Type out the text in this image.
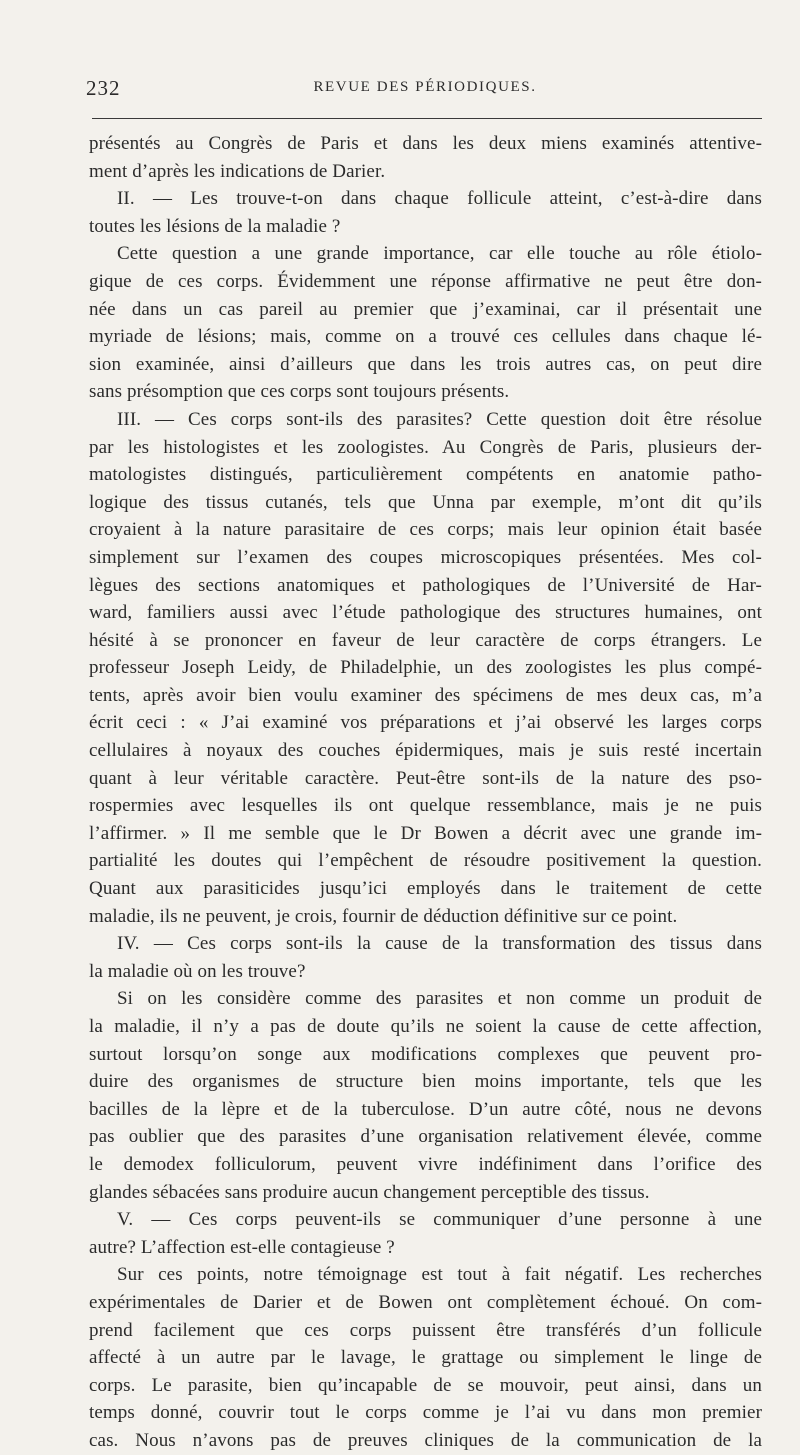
232	REVUE DES PÉRIODIQUES.
présentés au Congrès de Paris et dans les deux miens examinés attentive-
ment d’après les indications de Darier.
II. — Les trouve-t-on dans chaque follicule atteint, c’est-à-dire dans
toutes les lésions de la maladie ?
Cette question a une grande importance, car elle touche au rôle étiolo-
gique de ces corps. Évidemment une réponse affirmative ne peut être don-
née dans un cas pareil au premier que j’examinai, car il présentait une
myriade de lésions; mais, comme on a trouvé ces cellules dans chaque lé-
sion examinée, ainsi d’ailleurs que dans les trois autres cas, on peut dire
sans présomption que ces corps sont toujours présents.
III. — Ces corps sont-ils des parasites? Cette question doit être résolue
par les histologistes et les zoologistes. Au Congrès de Paris, plusieurs der-
matologistes distingués, particulièrement compétents en anatomie patho-
logique des tissus cutanés, tels que Unna par exemple, m’ont dit qu’ils
croyaient à la nature parasitaire de ces corps; mais leur opinion était basée
simplement sur l’examen des coupes microscopiques présentées. Mes col-
lègues des sections anatomiques et pathologiques de l’Université de Har-
ward, familiers aussi avec l’étude pathologique des structures humaines, ont
hésité à se prononcer en faveur de leur caractère de corps étrangers. Le
professeur Joseph Leidy, de Philadelphie, un des zoologistes les plus compé-
tents, après avoir bien voulu examiner des spécimens de mes deux cas, m’a
écrit ceci : « J’ai examiné vos préparations et j’ai observé les larges corps
cellulaires à noyaux des couches épidermiques, mais je suis resté incertain
quant à leur véritable caractère. Peut-être sont-ils de la nature des pso-
rospermies avec lesquelles ils ont quelque ressemblance, mais je ne puis
l’affirmer. » Il me semble que le Dr Bowen a décrit avec une grande im-
partialité les doutes qui l’empêchent de résoudre positivement la question.
Quant aux parasiticides jusqu’ici employés dans le traitement de cette
maladie, ils ne peuvent, je crois, fournir de déduction définitive sur ce point.
IV. — Ces corps sont-ils la cause de la transformation des tissus dans
la maladie où on les trouve?
Si on les considère comme des parasites et non comme un produit de
la maladie, il n’y a pas de doute qu’ils ne soient la cause de cette affection,
surtout lorsqu’on songe aux modifications complexes que peuvent pro-
duire des organismes de structure bien moins importante, tels que les
bacilles de la lèpre et de la tuberculose. D’un autre côté, nous ne devons
pas oublier que des parasites d’une organisation relativement élevée, comme
le demodex folliculorum, peuvent vivre indéfiniment dans l’orifice des
glandes sébacées sans produire aucun changement perceptible des tissus.
V. — Ces corps peuvent-ils se communiquer d’une personne à une
autre? L’affection est-elle contagieuse ?
Sur ces points, notre témoignage est tout à fait négatif. Les recherches
expérimentales de Darier et de Bowen ont complètement échoué. On com-
prend facilement que ces corps puissent être transférés d’un follicule
affecté à un autre par le lavage, le grattage ou simplement le linge de
corps. Le parasite, bien qu’incapable de se mouvoir, peut ainsi, dans un
temps donné, couvrir tout le corps comme je l’ai vu dans mon premier
cas. Nous n’avons pas de preuves cliniques de la communication de la
